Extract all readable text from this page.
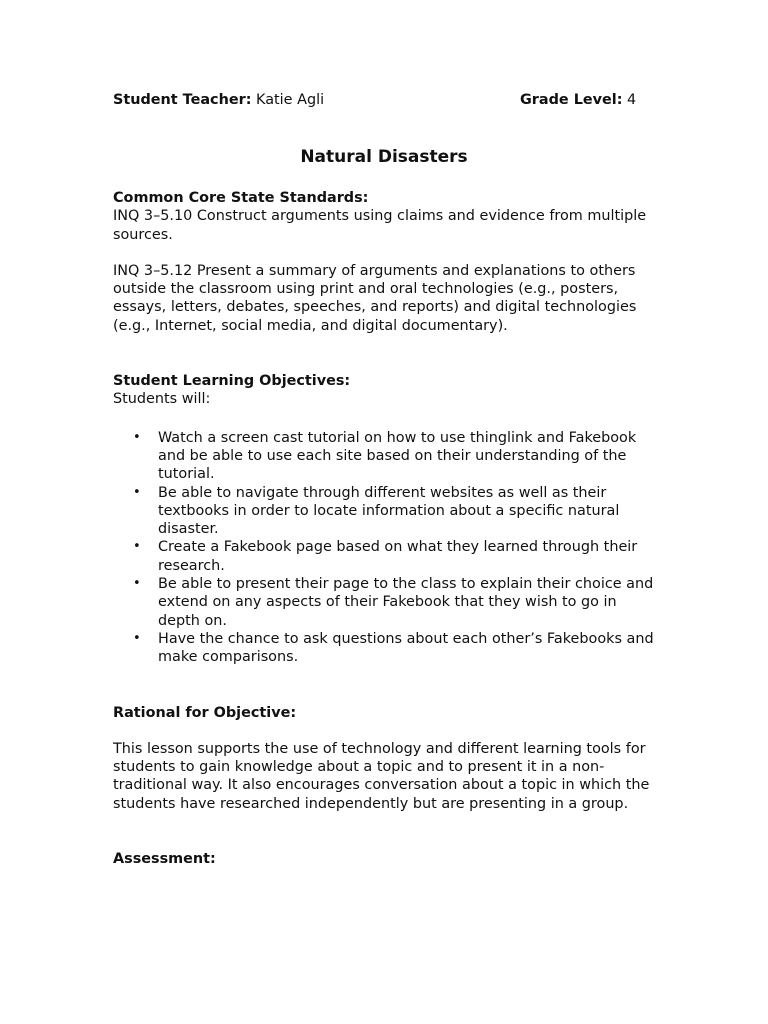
Student Teacher: Katie Agli	Grade Level: 4
Natural Disasters

Common Core State Standards:

INQ 3–5.10 Construct arguments using claims and evidence from multiple sources.

INQ 3–5.12 Present a summary of arguments and explanations to others outside the classroom using print and oral technologies (e.g., posters, essays, letters, debates, speeches, and reports) and digital technologies (e.g., Internet, social media, and digital documentary).

Student Learning Objectives:

Students will:

• Watch a screen cast tutorial on how to use thinglink and Fakebook and be able to use each site based on their understanding of the tutorial.
• Be able to navigate through different websites as well as their textbooks in order to locate information about a specific natural disaster.
• Create a Fakebook page based on what they learned through their research.
• Be able to present their page to the class to explain their choice and extend on any aspects of their Fakebook that they wish to go in depth on.
• Have the chance to ask questions about each other’s Fakebooks and make comparisons.

Rational for Objective:

This lesson supports the use of technology and different learning tools for students to gain knowledge about a topic and to present it in a non-traditional way. It also encourages conversation about a topic in which the students have researched independently but are presenting in a group.

Assessment:
